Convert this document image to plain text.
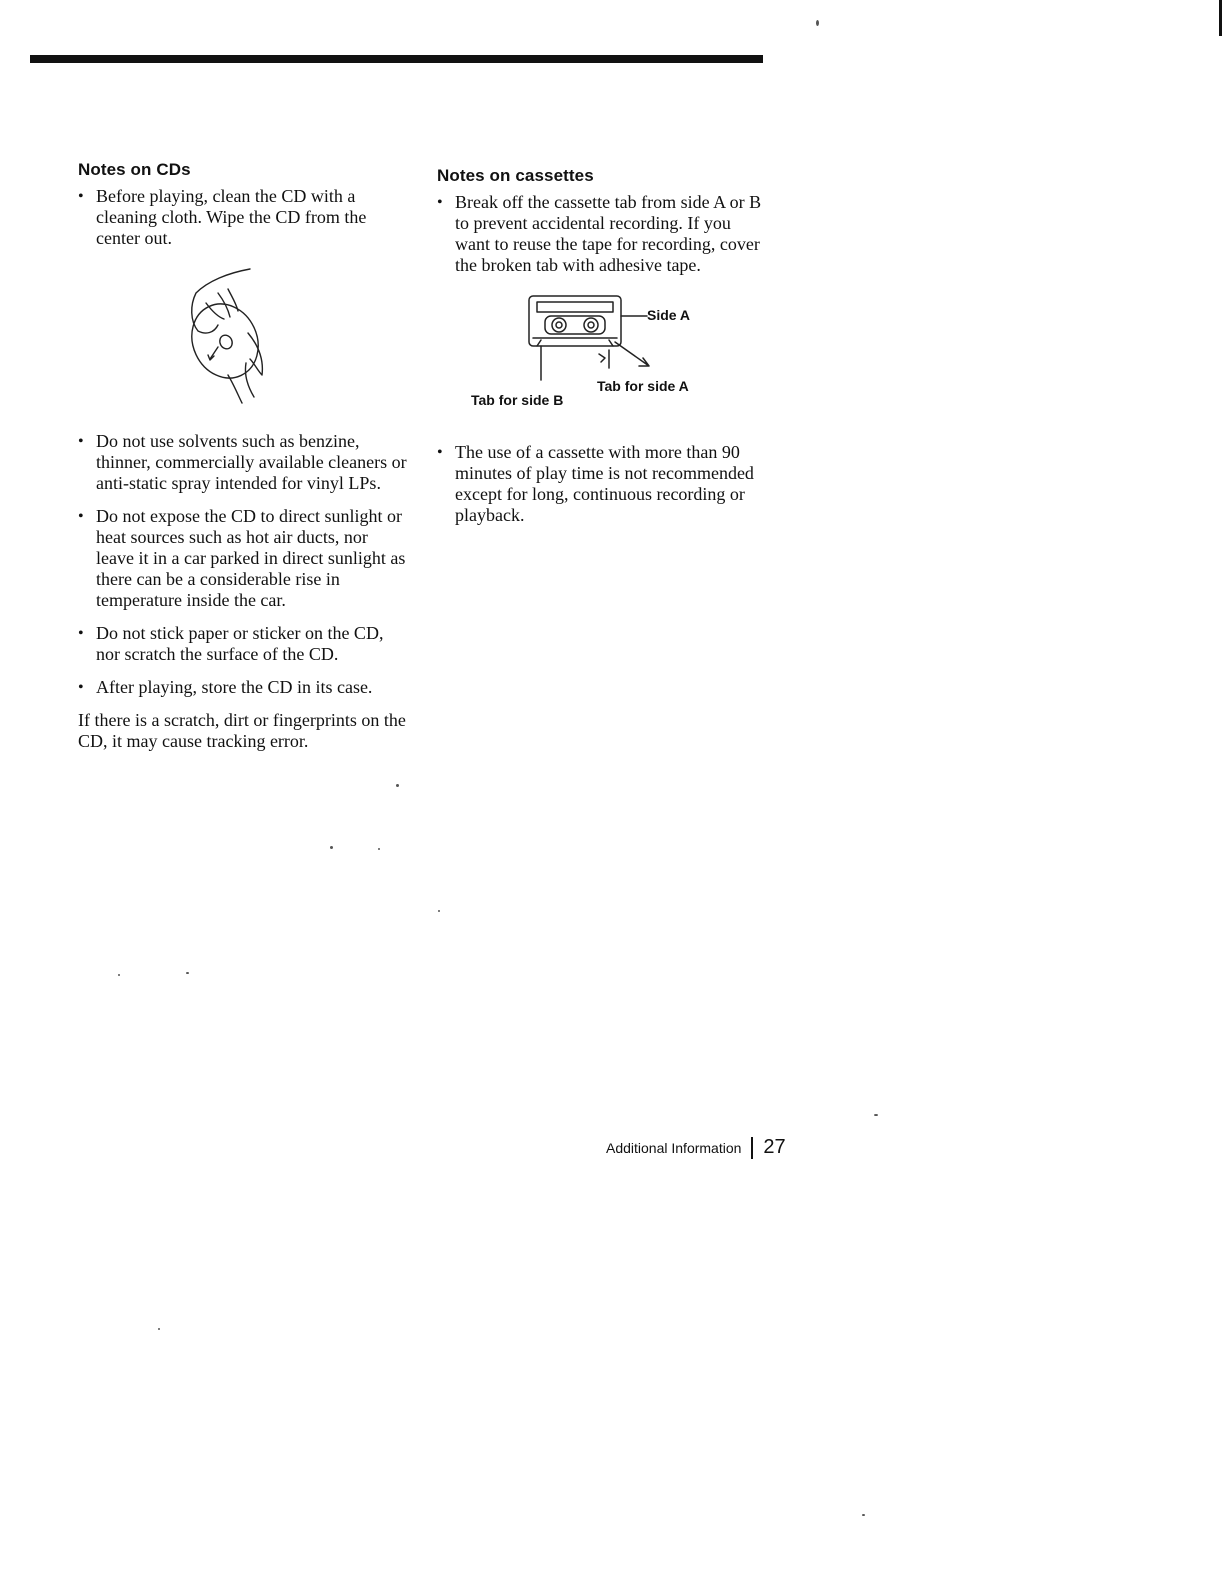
Notes on CDs
• Before playing, clean the CD with a cleaning cloth. Wipe the CD from the center out.
• Do not use solvents such as benzine, thinner, commercially available cleaners or anti-static spray intended for vinyl LPs.
• Do not expose the CD to direct sunlight or heat sources such as hot air ducts, nor leave it in a car parked in direct sunlight as there can be a considerable rise in temperature inside the car.
• Do not stick paper or sticker on the CD, nor scratch the surface of the CD.
• After playing, store the CD in its case.

If there is a scratch, dirt or fingerprints on the CD, it may cause tracking error.

Notes on cassettes
• Break off the cassette tab from side A or B to prevent accidental recording. If you want to reuse the tape for recording, cover the broken tab with adhesive tape.
Side A
Tab for side A
Tab for side B
• The use of a cassette with more than 90 minutes of play time is not recommended except for long, continuous recording or playback.
Additional Information 27
